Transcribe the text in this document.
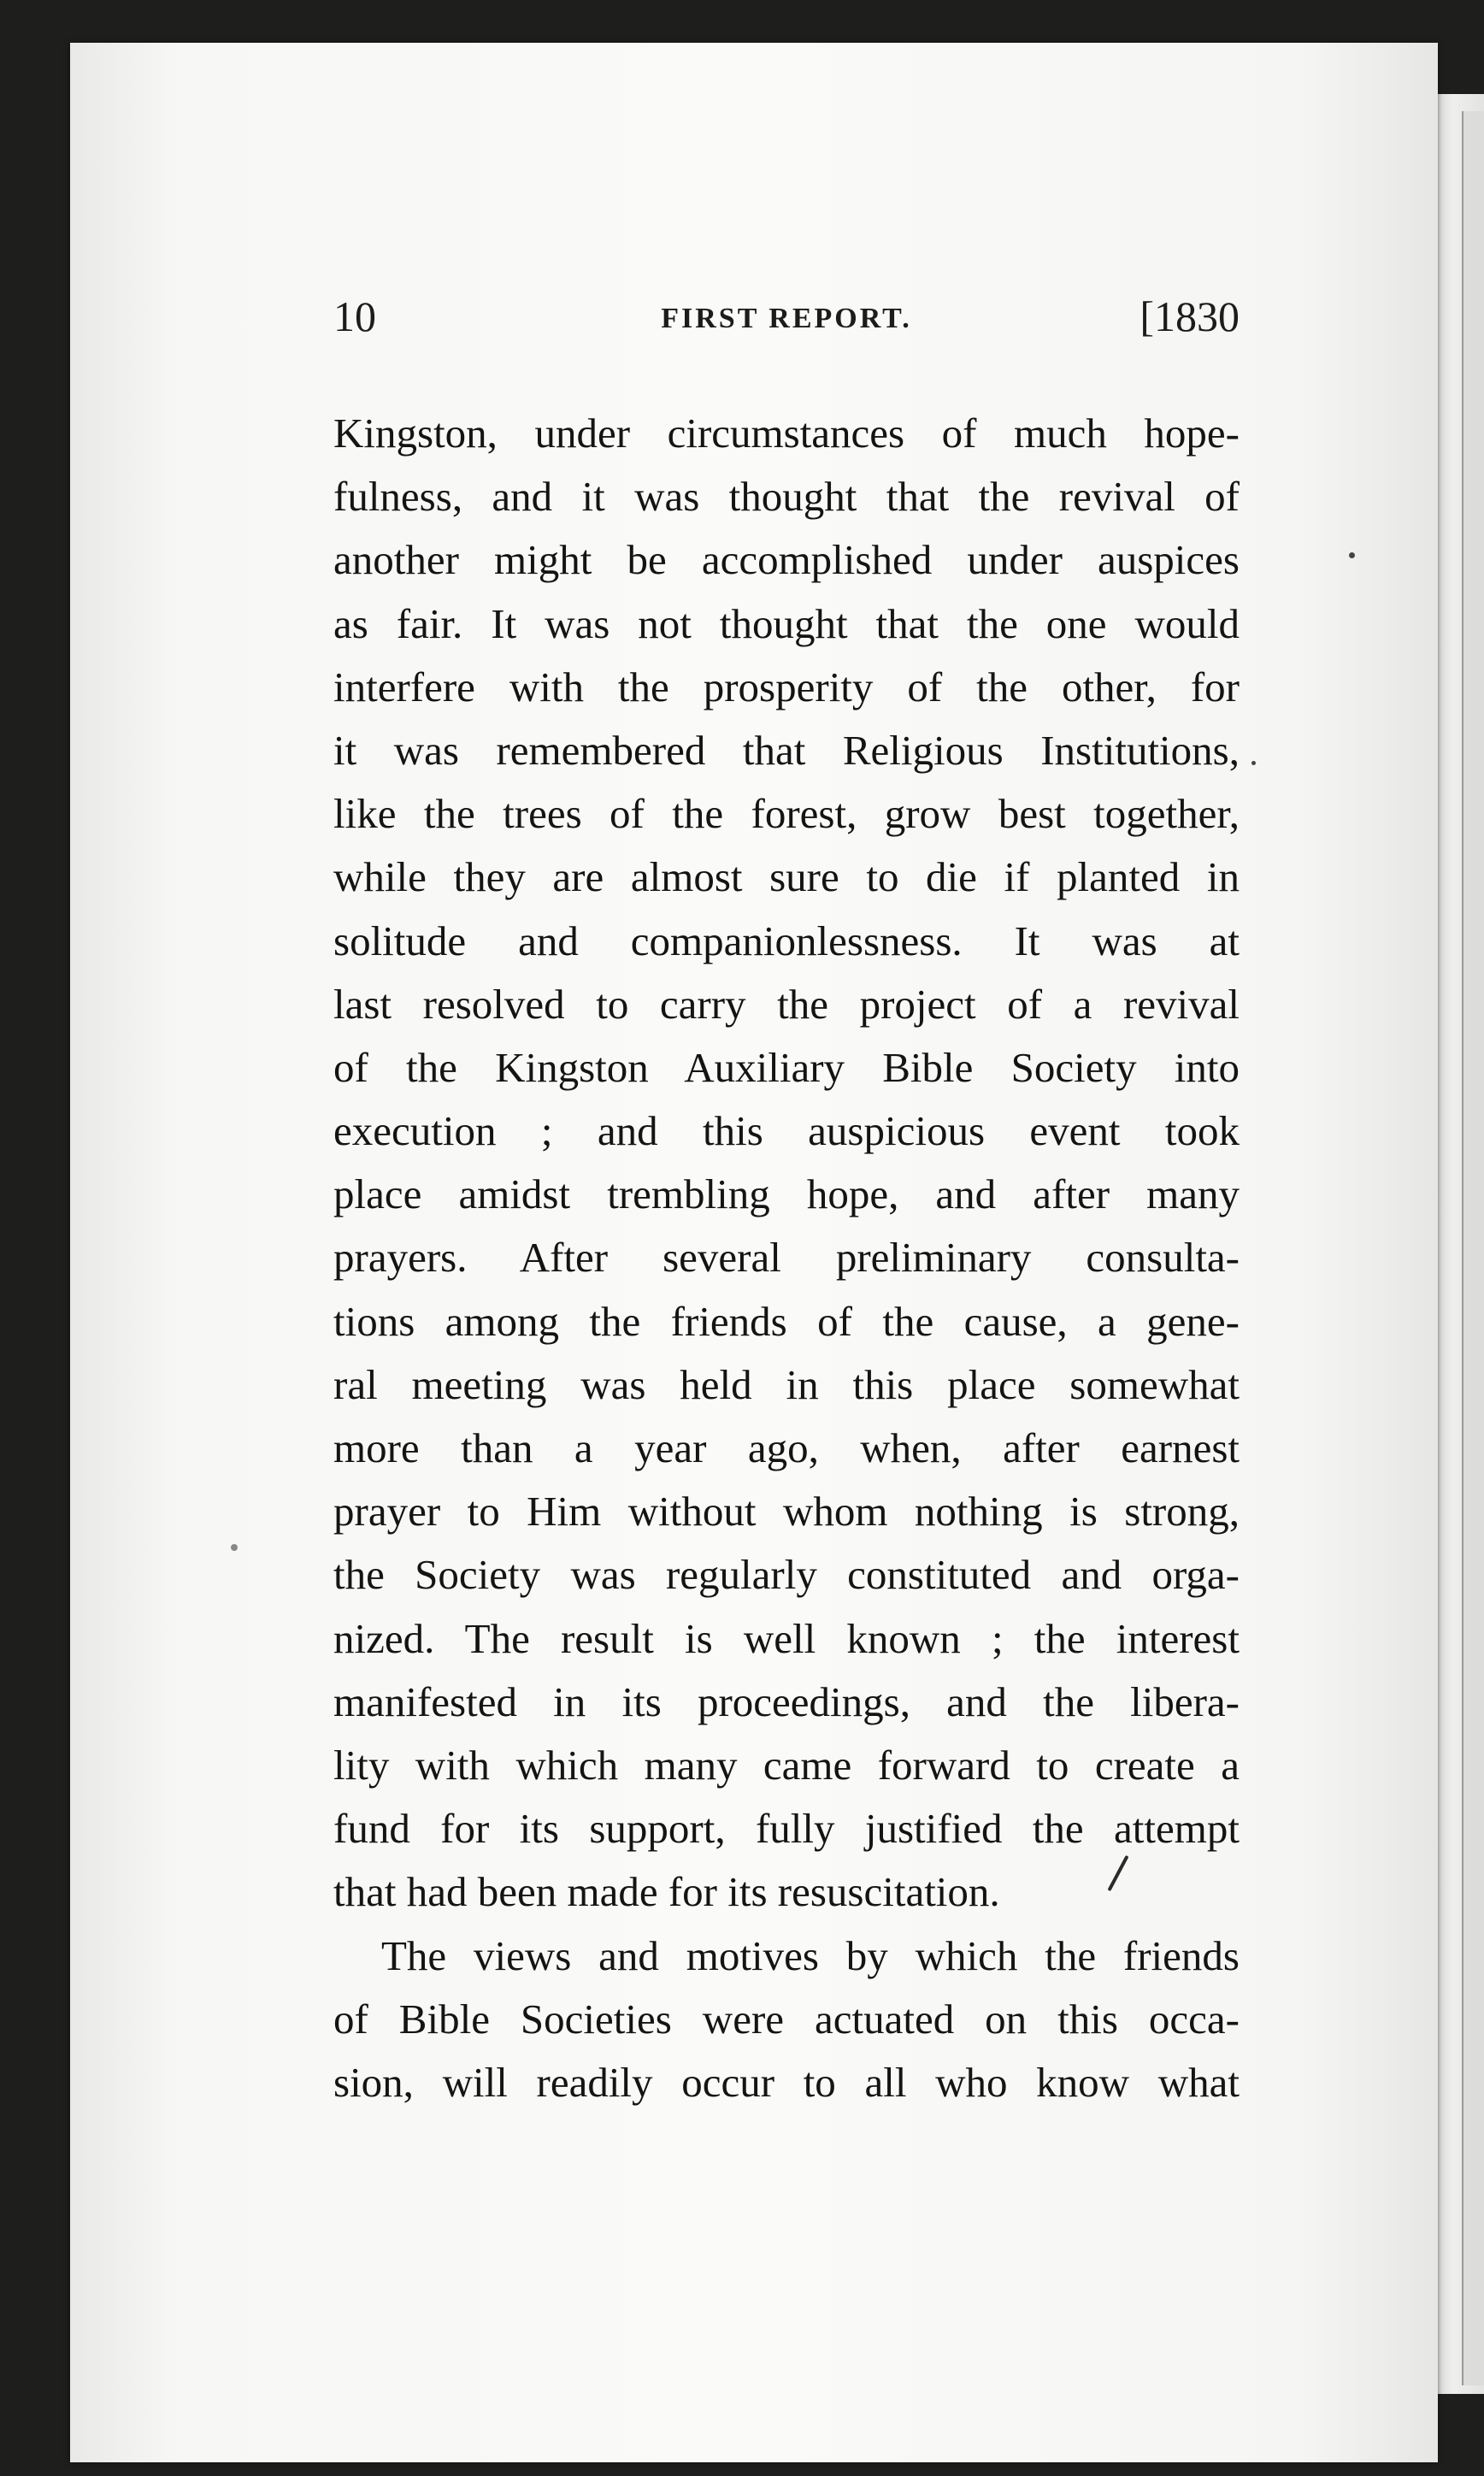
10	FIRST REPORT.	[1830
Kingston, under circumstances of much hope-
fulness, and it was thought that the revival of
another might be accomplished under auspices
as fair. It was not thought that the one would
interfere with the prosperity of the other, for
it was remembered that Religious Institutions,
like the trees of the forest, grow best together,
while they are almost sure to die if planted in
solitude and companionlessness. It was at
last resolved to carry the project of a revival
of the Kingston Auxiliary Bible Society into
execution ; and this auspicious event took
place amidst trembling hope, and after many
prayers. After several preliminary consulta-
tions among the friends of the cause, a gene-
ral meeting was held in this place somewhat
more than a year ago, when, after earnest
prayer to Him without whom nothing is strong,
the Society was regularly constituted and orga-
nized. The result is well known ; the interest
manifested in its proceedings, and the libera-
lity with which many came forward to create a
fund for its support, fully justified the attempt
that had been made for its resuscitation.
The views and motives by which the friends
of Bible Societies were actuated on this occa-
sion, will readily occur to all who know what
